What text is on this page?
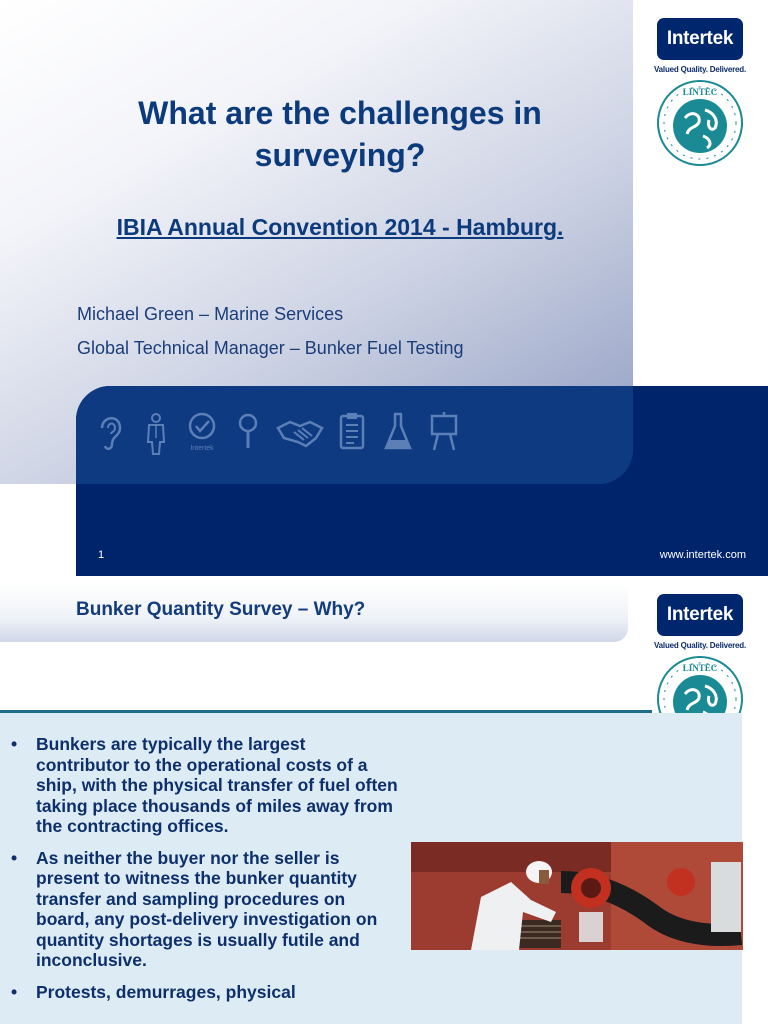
Intertek
What are the challenges in surveying?
IBIA Annual Convention 2014 - Hamburg.
Michael Green – Marine Services
Global Technical Manager – Bunker Fuel Testing
1	www.intertek.com
Intertek
Valued Quality. Delivered.
LINTEC
Bunker Quantity Survey – Why?	Intertek
Valued Quality. Delivered.
LINTEC
• Bunkers are typically the largest contributor to the operational costs of a ship, with the physical transfer of fuel often taking place thousands of miles away from the contracting offices.
• As neither the buyer nor the seller is present to witness the bunker quantity transfer and sampling procedures on board, any post-delivery investigation on quantity shortages is usually futile and inconclusive.
• Protests, demurrages, physical
